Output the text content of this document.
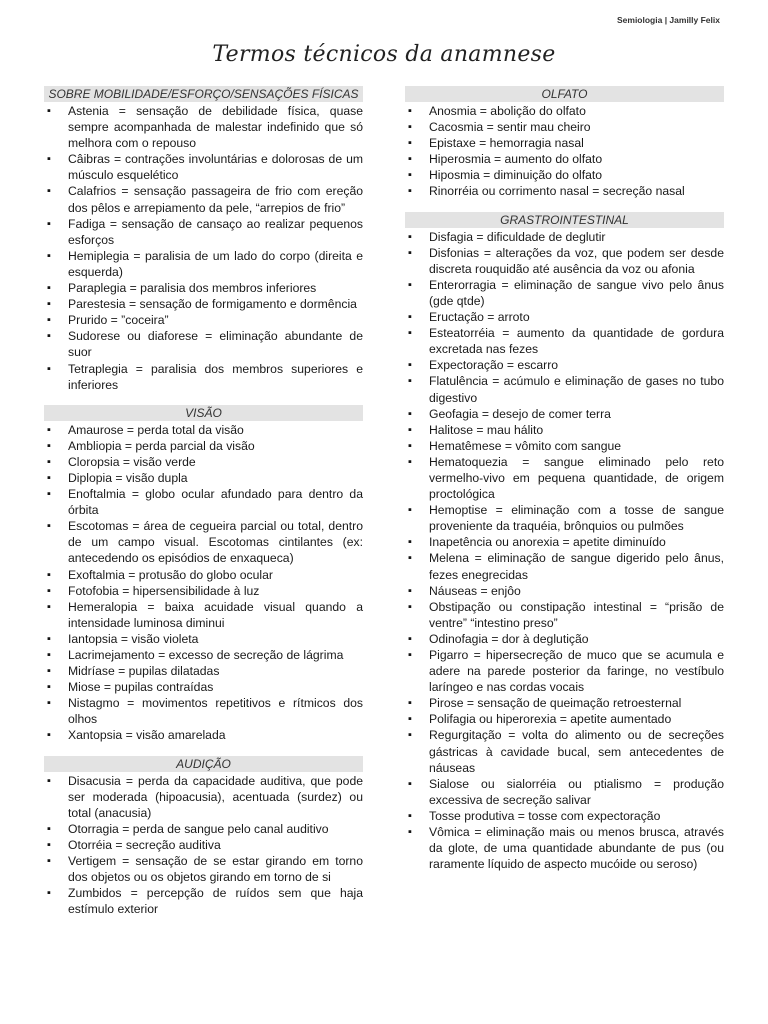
Semiologia | Jamilly Felix
Termos técnicos da anamnese
SOBRE MOBILIDADE/ESFORÇO/SENSAÇÕES FÍSICAS
▪ Astenia = sensação de debilidade física, quase sempre acompanhada de malestar indefinido que só melhora com o repouso
▪ Câibras = contrações involuntárias e dolorosas de um músculo esquelético
▪ Calafrios = sensação passageira de frio com ereção dos pêlos e arrepiamento da pele, “arrepios de frio”
▪ Fadiga = sensação de cansaço ao realizar pequenos esforços
▪ Hemiplegia = paralisia de um lado do corpo (direita e esquerda)
▪ Paraplegia = paralisia dos membros inferiores
▪ Parestesia = sensação de formigamento e dormência
▪ Prurido = ”coceira”
▪ Sudorese ou diaforese = eliminação abundante de suor
▪ Tetraplegia = paralisia dos membros superiores e inferiores
VISÃO
▪ Amaurose = perda total da visão
▪ Ambliopia = perda parcial da visão
▪ Cloropsia = visão verde
▪ Diplopia = visão dupla
▪ Enoftalmia = globo ocular afundado para dentro da órbita
▪ Escotomas = área de cegueira parcial ou total, dentro de um campo visual. Escotomas cintilantes (ex: antecedendo os episódios de enxaqueca)
▪ Exoftalmia = protusão do globo ocular
▪ Fotofobia = hipersensibilidade à luz
▪ Hemeralopia = baixa acuidade visual quando a intensidade luminosa diminui
▪ Iantopsia = visão violeta
▪ Lacrimejamento = excesso de secreção de lágrima
▪ Midríase = pupilas dilatadas
▪ Miose = pupilas contraídas
▪ Nistagmo = movimentos repetitivos e rítmicos dos olhos
▪ Xantopsia = visão amarelada
AUDIÇÃO
▪ Disacusia = perda da capacidade auditiva, que pode ser moderada (hipoacusia), acentuada (surdez) ou total (anacusia)
▪ Otorragia = perda de sangue pelo canal auditivo
▪ Otorréia = secreção auditiva
▪ Vertigem = sensação de se estar girando em torno dos objetos ou os objetos girando em torno de si
▪ Zumbidos = percepção de ruídos sem que haja estímulo exterior
OLFATO
▪ Anosmia = abolição do olfato
▪ Cacosmia = sentir mau cheiro
▪ Epistaxe = hemorragia nasal
▪ Hiperosmia = aumento do olfato
▪ Hiposmia = diminuição do olfato
▪ Rinorréia ou corrimento nasal = secreção nasal
GRASTROINTESTINAL
▪ Disfagia = dificuldade de deglutir
▪ Disfonias = alterações da voz, que podem ser desde discreta rouquidão até ausência da voz ou afonia
▪ Enterorragia = eliminação de sangue vivo pelo ânus (gde qtde)
▪ Eructação = arroto
▪ Esteatorréia = aumento da quantidade de gordura excretada nas fezes
▪ Expectoração = escarro
▪ Flatulência = acúmulo e eliminação de gases no tubo digestivo
▪ Geofagia = desejo de comer terra
▪ Halitose = mau hálito
▪ Hematêmese = vômito com sangue
▪ Hematoquezia = sangue eliminado pelo reto vermelho-vivo em pequena quantidade, de origem proctológica
▪ Hemoptise = eliminação com a tosse de sangue proveniente da traquéia, brônquios ou pulmões
▪ Inapetência ou anorexia = apetite diminuído
▪ Melena = eliminação de sangue digerido pelo ânus, fezes enegrecidas
▪ Náuseas = enjôo
▪ Obstipação ou constipação intestinal = “prisão de ventre” “intestino preso”
▪ Odinofagia = dor à deglutição
▪ Pigarro = hipersecreção de muco que se acumula e adere na parede posterior da faringe, no vestíbulo laríngeo e nas cordas vocais
▪ Pirose = sensação de queimação retroesternal
▪ Polifagia ou hiperorexia = apetite aumentado
▪ Regurgitação = volta do alimento ou de secreções gástricas à cavidade bucal, sem antecedentes de náuseas
▪ Sialose ou sialorréia ou ptialismo = produção excessiva de secreção salivar
▪ Tosse produtiva = tosse com expectoração
▪ Vômica = eliminação mais ou menos brusca, através da glote, de uma quantidade abundante de pus (ou raramente líquido de aspecto mucóide ou seroso)
